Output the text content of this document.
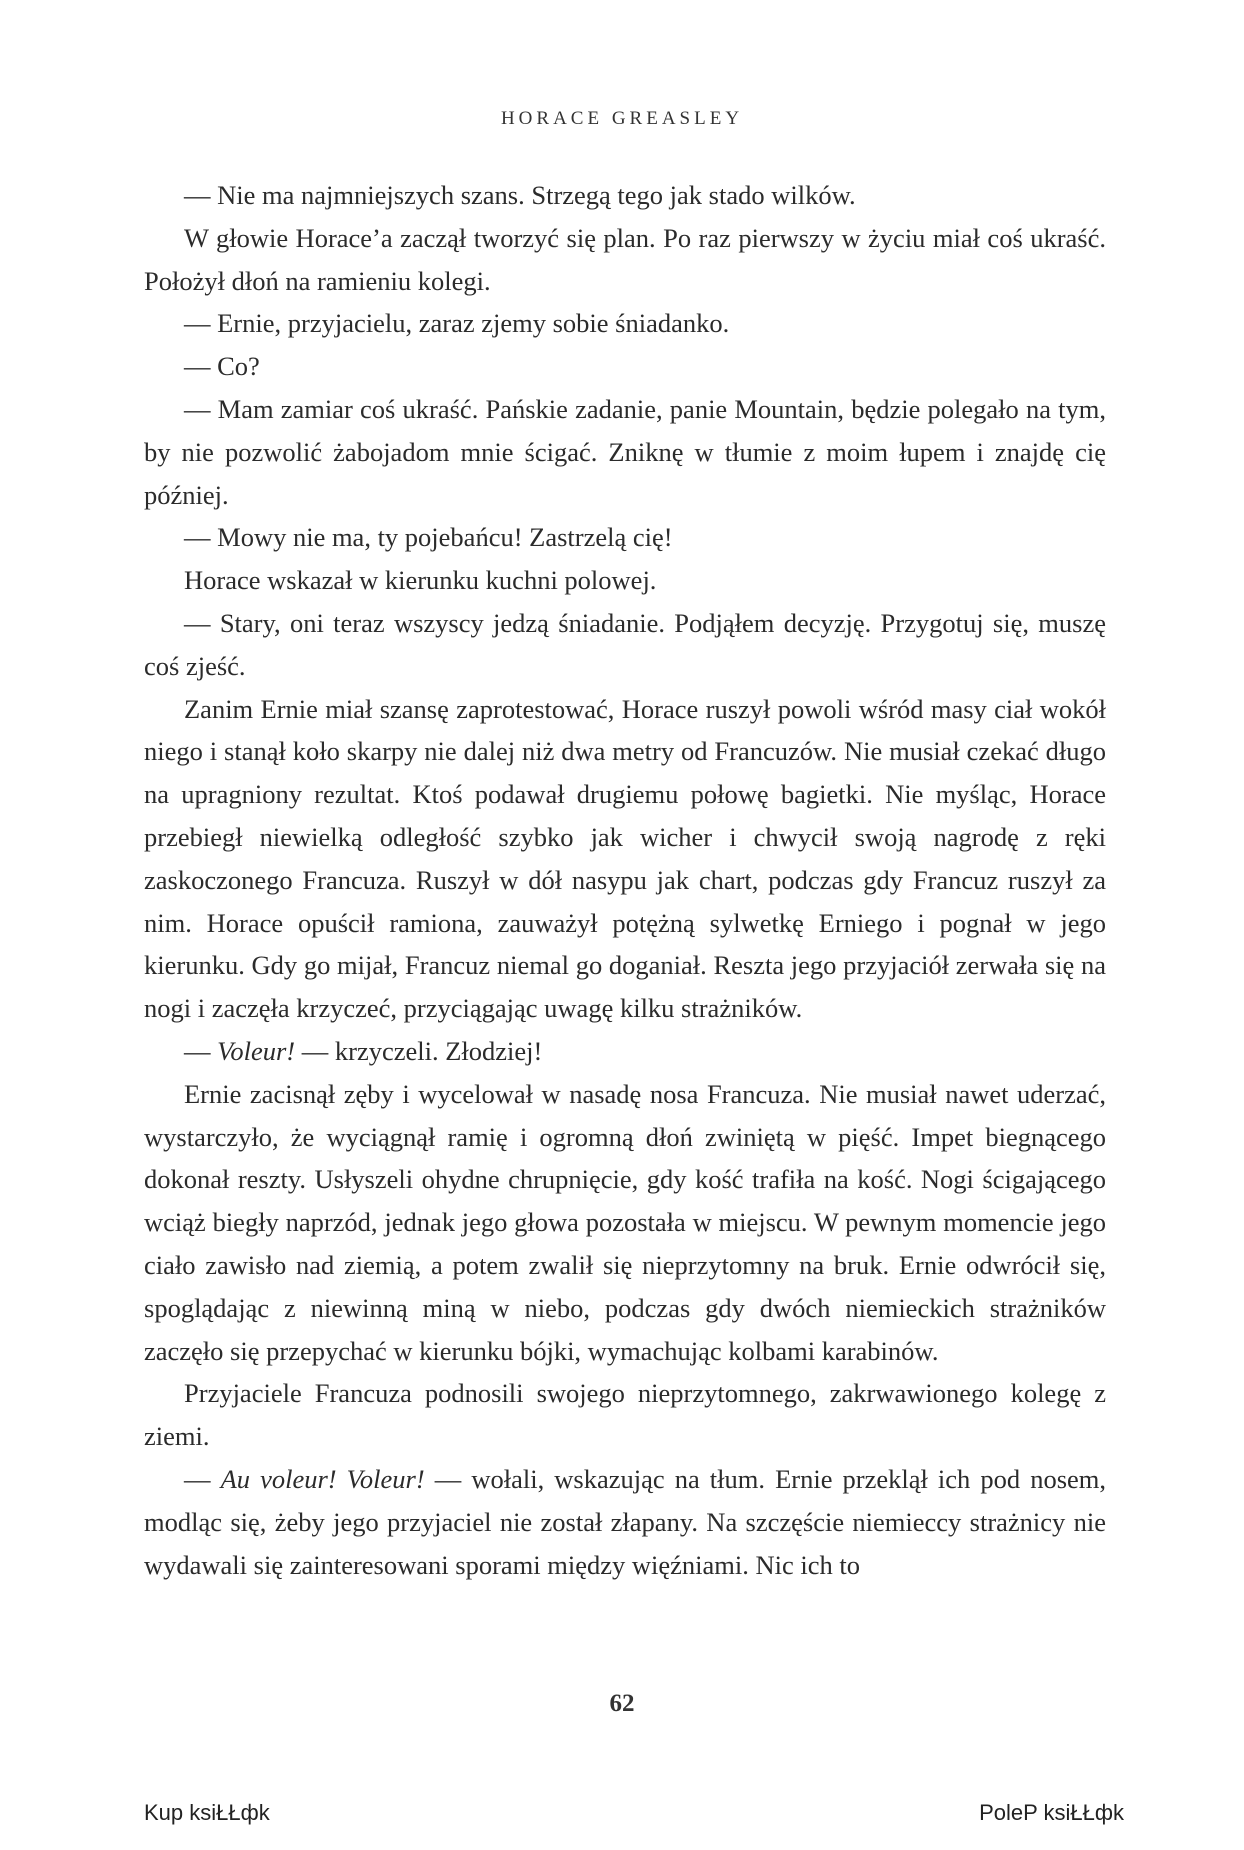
HORACE GREASLEY

— Nie ma najmniejszych szans. Strzegą tego jak stado wilków.

W głowie Horace’a zaczął tworzyć się plan. Po raz pierwszy w życiu miał coś ukraść. Położył dłoń na ramieniu kolegi.

— Ernie, przyjacielu, zaraz zjemy sobie śniadanko.

— Co?

— Mam zamiar coś ukraść. Pańskie zadanie, panie Mountain, będzie polegało na tym, by nie pozwolić żabojadom mnie ścigać. Zniknę w tłumie z moim łupem i znajdę cię później.

— Mowy nie ma, ty pojebańcu! Zastrzelą cię!

Horace wskazał w kierunku kuchni polowej.

— Stary, oni teraz wszyscy jedzą śniadanie. Podjąłem decyzję. Przygotuj się, muszę coś zjeść.

Zanim Ernie miał szansę zaprotestować, Horace ruszył powoli wśród masy ciał wokół niego i stanął koło skarpy nie dalej niż dwa metry od Francuzów. Nie musiał czekać długo na upragniony rezultat. Ktoś podawał drugiemu połowę bagietki. Nie myśląc, Horace przebiegł niewielką odległość szybko jak wicher i chwycił swoją nagrodę z ręki zaskoczonego Francuza. Ruszył w dół nasypu jak chart, podczas gdy Francuz ruszył za nim. Horace opuścił ramiona, zauważył potężną sylwetkę Erniego i pognał w jego kierunku. Gdy go mijał, Francuz niemal go doganiał. Reszta jego przyjaciół zerwała się na nogi i zaczęła krzyczeć, przyciągając uwagę kilku strażników.

— Voleur! — krzyczeli. Złodziej!

Ernie zacisnął zęby i wycelował w nasadę nosa Francuza. Nie musiał nawet uderzać, wystarczyło, że wyciągnął ramię i ogromną dłoń zwiniętą w pięść. Impet biegnącego dokonał reszty. Usłyszeli ohydne chrupnięcie, gdy kość trafiła na kość. Nogi ścigającego wciąż biegły naprzód, jednak jego głowa pozostała w miejscu. W pewnym momencie jego ciało zawisło nad ziemią, a potem zwalił się nieprzytomny na bruk. Ernie odwrócił się, spoglądając z niewinną miną w niebo, podczas gdy dwóch niemieckich strażników zaczęło się przepychać w kierunku bójki, wymachując kolbami karabinów.

Przyjaciele Francuza podnosili swojego nieprzytomnego, zakrwawionego kolegę z ziemi.

— Au voleur! Voleur! — wołali, wskazując na tłum. Ernie przeklął ich pod nosem, modląc się, żeby jego przyjaciel nie został złapany. Na szczęście niemieccy strażnicy nie wydawali się zainteresowani sporami między więźniami. Nic ich to

62
Kup ksiŁŁфk	PoleP ksiŁŁфk
